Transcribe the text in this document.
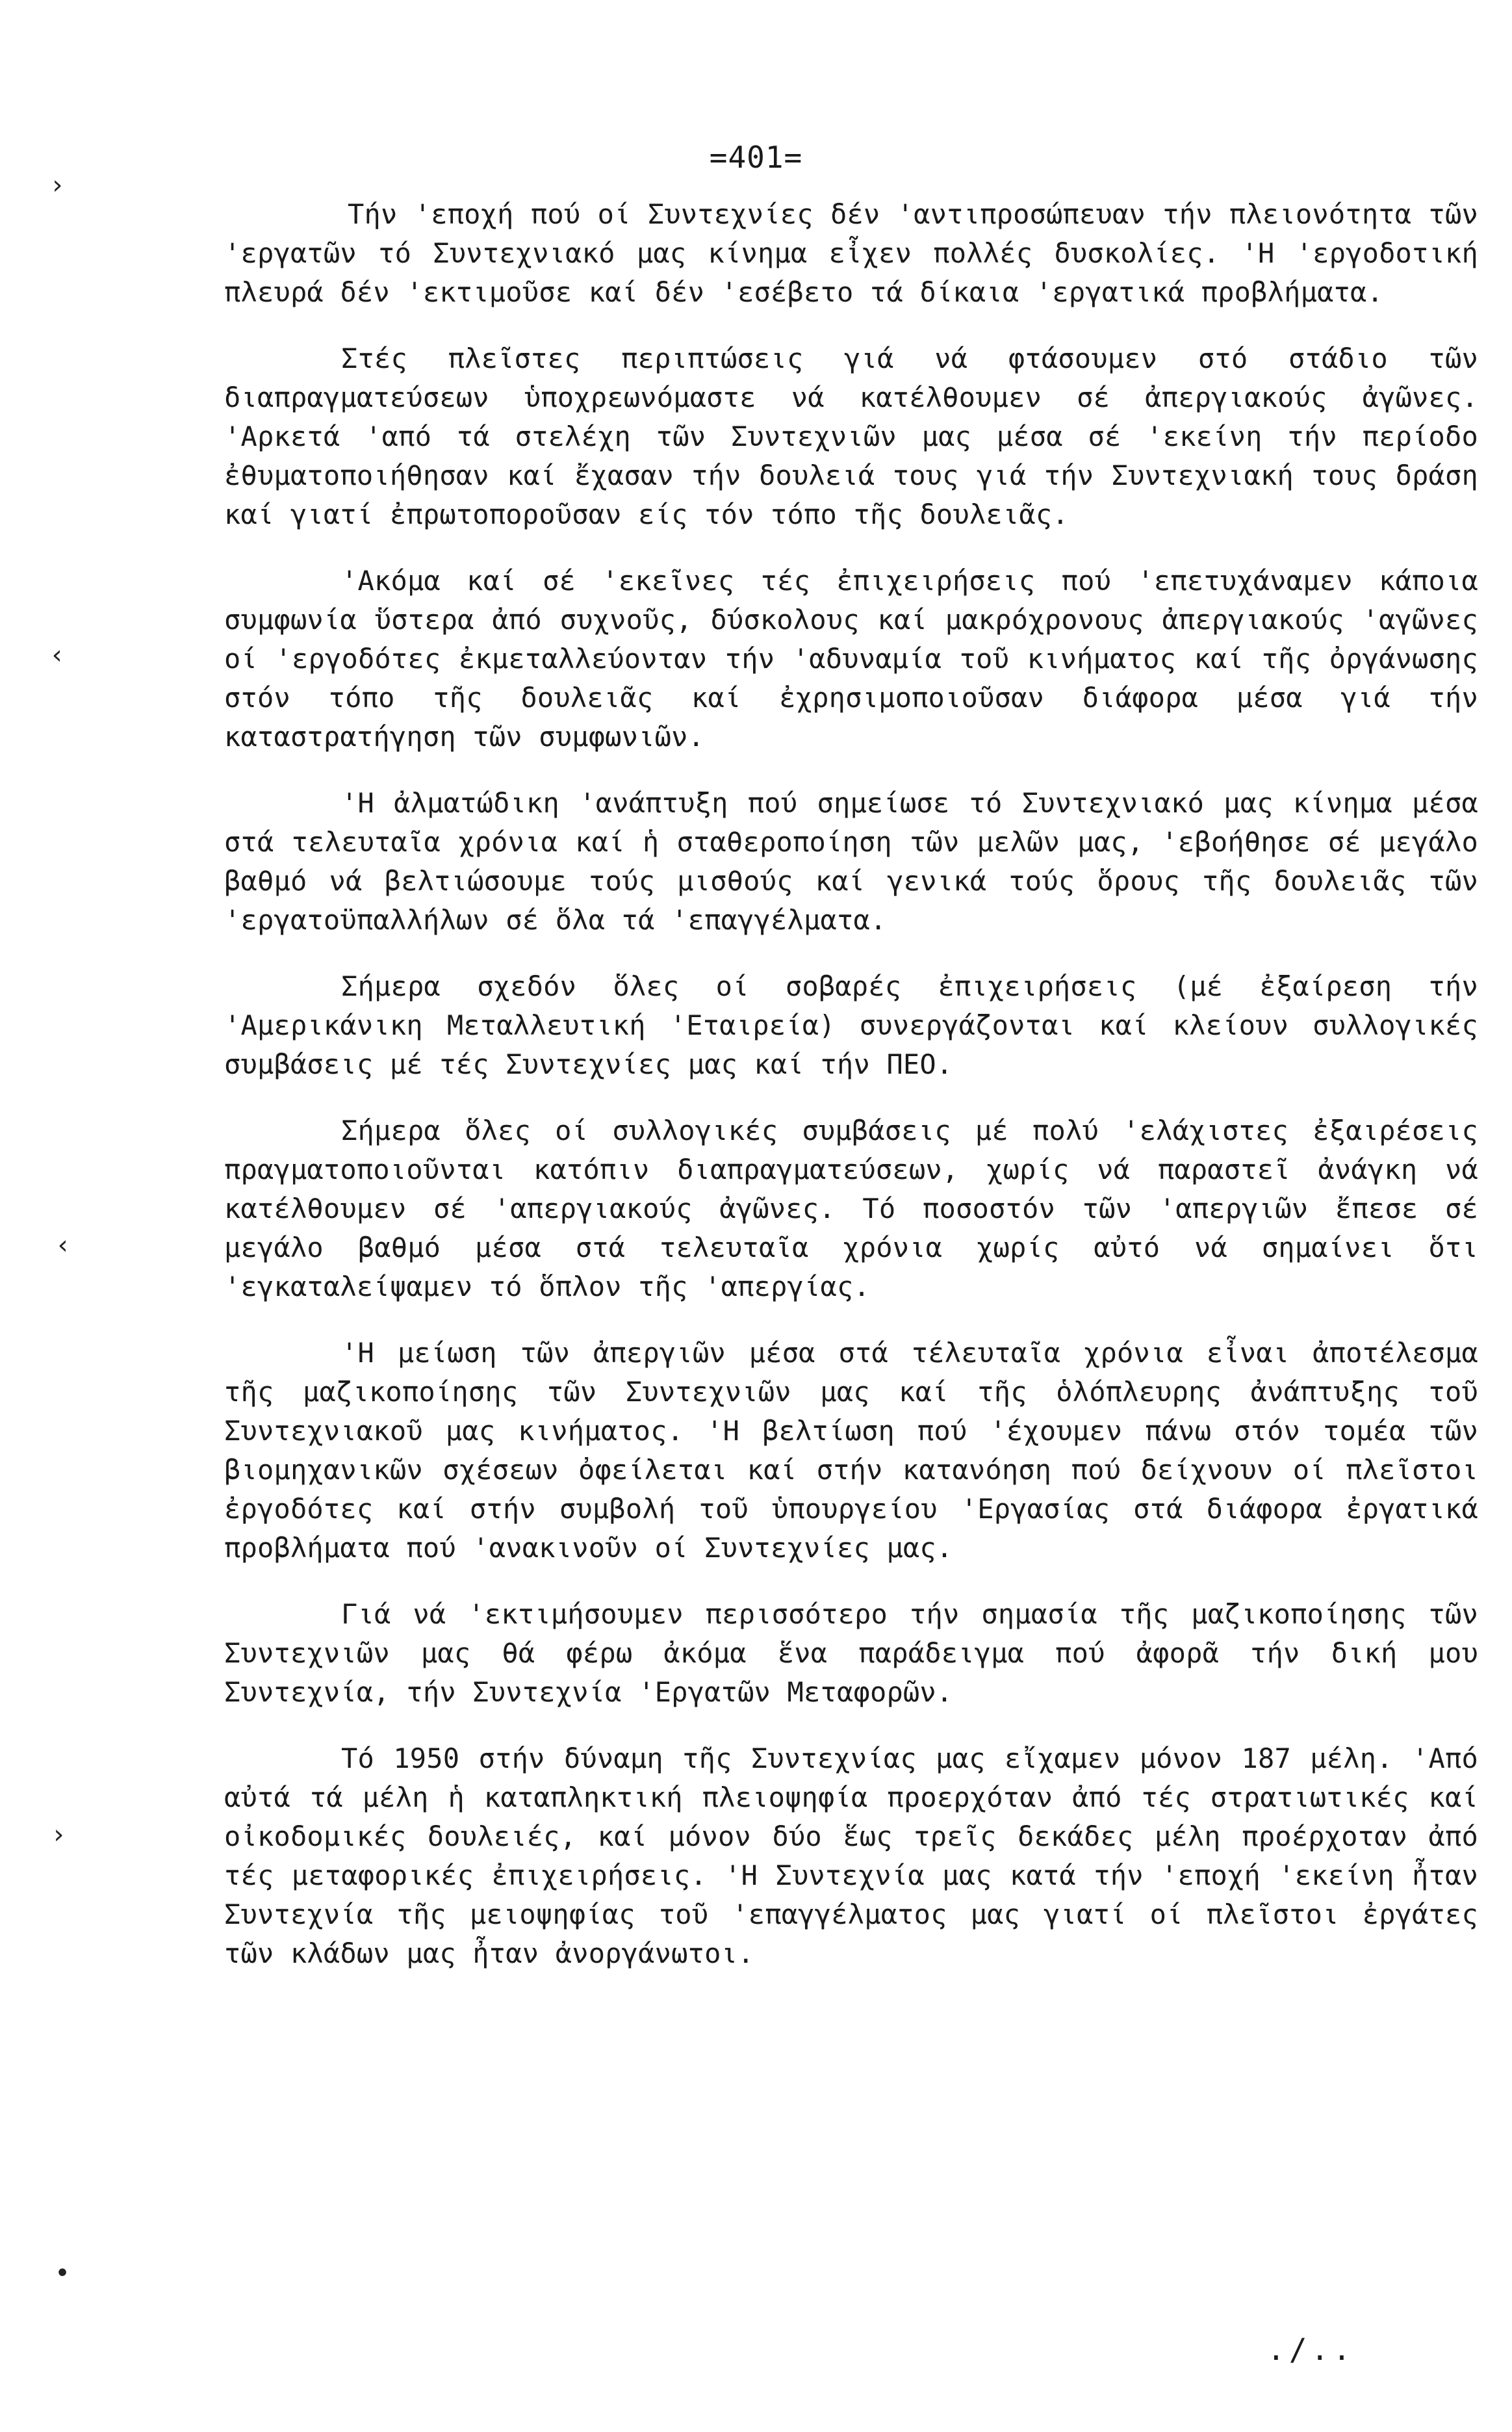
=401=
›
‹
‹
›
•

Τήν 'εποχή πού οί Συντεχνίες δέν 'αντιπροσώπευαν τήν πλειονότητα τῶν 'εργατῶν τό Συντεχνιακό μας κίνημα εἶχεν πολλές δυσκολίες. 'Η 'εργοδοτική πλευρά δέν 'εκτιμοῦσε καί δέν 'εσέβετο τά δίκαια 'εργατικά προβλήματα.

Στές πλεῖστες περιπτώσεις γιά νά φτάσουμεν στό στάδιο τῶν διαπραγματεύσεων ὑποχρεωνόμαστε νά κατέλθουμεν σέ ἀπεργιακούς ἀγῶνες. 'Αρκετά 'από τά στελέχη τῶν Συντεχνιῶν μας μέσα σέ 'εκείνη τήν περίοδο ἐθυματοποιήθησαν καί ἔχασαν τήν δουλειά τους γιά τήν Συντεχνιακή τους δράση καί γιατί ἐπρωτοποροῦσαν είς τόν τόπο τῆς δουλειᾶς.

'Ακόμα καί σέ 'εκεῖνες τές ἐπιχειρήσεις πού 'επετυχάναμεν κάποια συμφωνία ὕστερα ἀπό συχνοῦς, δύσκολους καί μακρόχρονους ἀπεργιακούς 'αγῶνες οί 'εργοδότες ἐκμεταλλεύονταν τήν 'αδυναμία τοῦ κινήματος καί τῆς ὀργάνωσης στόν τόπο τῆς δουλειᾶς καί ἐχρησιμοποιοῦσαν διάφορα μέσα γιά τήν καταστρατήγηση τῶν συμφωνιῶν.

'Η ἀλματώδικη 'ανάπτυξη πού σημείωσε τό Συντεχνιακό μας κίνημα μέσα στά τελευταῖα χρόνια καί ἡ σταθεροποίηση τῶν μελῶν μας, 'εβοήθησε σέ μεγάλο βαθμό νά βελτιώσουμε τούς μισθούς καί γενικά τούς ὅρους τῆς δουλειᾶς τῶν 'εργατοϋπαλλήλων σέ ὅλα τά 'επαγγέλματα.

Σήμερα σχεδόν ὅλες οί σοβαρές ἐπιχειρήσεις (μέ ἐξαίρεση τήν 'Αμερικάνικη Μεταλλευτική 'Εταιρεία) συνεργάζονται καί κλείουν συλλογικές συμβάσεις μέ τές Συντεχνίες μας καί τήν ΠΕΟ.

Σήμερα ὅλες οί συλλογικές συμβάσεις μέ πολύ 'ελάχιστες ἐξαιρέσεις πραγματοποιοῦνται κατόπιν διαπραγματεύσεων, χωρίς νά παραστεῖ ἀνάγκη νά κατέλθουμεν σέ 'απεργιακούς ἀγῶνες. Τό ποσοστόν τῶν 'απεργιῶν ἔπεσε σέ μεγάλο βαθμό μέσα στά τελευταῖα χρόνια χωρίς αὐτό νά σημαίνει ὅτι 'εγκαταλείψαμεν τό ὅπλον τῆς 'απεργίας.

'Η μείωση τῶν ἀπεργιῶν μέσα στά τέλευταῖα χρόνια εἶναι ἀποτέλεσμα τῆς μαζικοποίησης τῶν Συντεχνιῶν μας καί τῆς ὁλόπλευρης ἀνάπτυξης τοῦ Συντεχνιακοῦ μας κινήματος. 'Η βελτίωση πού 'έχουμεν πάνω στόν τομέα τῶν βιομηχανικῶν σχέσεων ὀφείλεται καί στήν κατανόηση πού δείχνουν οί πλεῖστοι ἐργοδότες καί στήν συμβολή τοῦ ὑπουργείου 'Εργασίας στά διάφορα ἐργατικά προβλήματα πού 'ανακινοῦν οί Συντεχνίες μας.

Γιά νά 'εκτιμήσουμεν περισσότερο τήν σημασία τῆς μαζικοποίησης τῶν Συντεχνιῶν μας θά φέρω ἀκόμα ἕνα παράδειγμα πού ἀφορᾶ τήν δική μου Συντεχνία, τήν Συντεχνία 'Εργατῶν Μεταφορῶν.

Τό 1950 στήν δύναμη τῆς Συντεχνίας μας εἴχαμεν μόνον 187 μέλη. 'Από αὐτά τά μέλη ἡ καταπληκτική πλειοψηφία προερχόταν ἀπό τές στρατιωτικές καί οἰκοδομικές δουλειές, καί μόνον δύο ἕως τρεῖς δεκάδες μέλη προέρχοταν ἀπό τές μεταφορικές ἐπιχειρήσεις. 'Η Συντεχνία μας κατά τήν 'εποχή 'εκείνη ἦταν Συντεχνία τῆς μειοψηφίας τοῦ 'επαγγέλματος μας γιατί οί πλεῖστοι ἐργάτες τῶν κλάδων μας ἦταν ἀνοργάνωτοι.

./..
